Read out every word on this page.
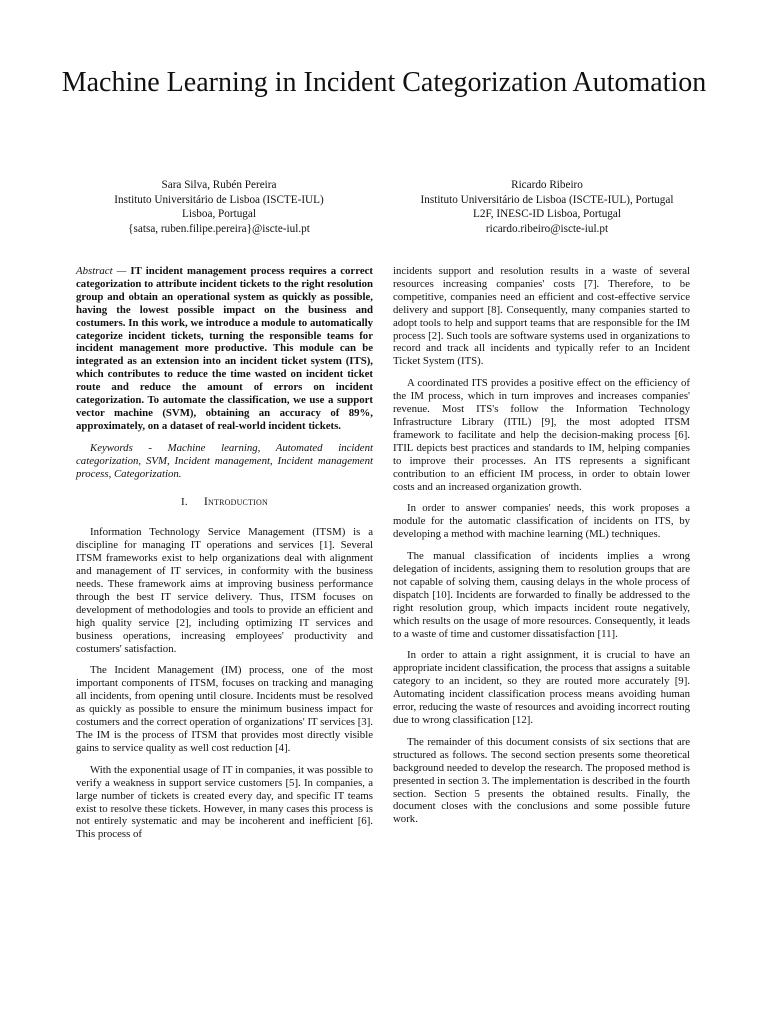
Machine Learning in Incident Categorization Automation
Sara Silva, Rubén Pereira
Instituto Universitário de Lisboa (ISCTE-IUL)
Lisboa, Portugal
{satsa, ruben.filipe.pereira}@iscte-iul.pt
Ricardo Ribeiro
Instituto Universitário de Lisboa (ISCTE-IUL), Portugal
L2F, INESC-ID Lisboa, Portugal
ricardo.ribeiro@iscte-iul.pt

Abstract — IT incident management process requires a correct categorization to attribute incident tickets to the right resolution group and obtain an operational system as quickly as possible, having the lowest possible impact on the business and costumers. In this work, we introduce a module to automatically categorize incident tickets, turning the responsible teams for incident management more productive. This module can be integrated as an extension into an incident ticket system (ITS), which contributes to reduce the time wasted on incident ticket route and reduce the amount of errors on incident categorization. To automate the classification, we use a support vector machine (SVM), obtaining an accuracy of 89%, approximately, on a dataset of real-world incident tickets.

Keywords - Machine learning, Automated incident categorization, SVM, Incident management, Incident management process, Categorization.

I. Introduction

Information Technology Service Management (ITSM) is a discipline for managing IT operations and services [1]. Several ITSM frameworks exist to help organizations deal with alignment and management of IT services, in conformity with the business needs. These framework aims at improving business performance through the best IT service delivery. Thus, ITSM focuses on development of methodologies and tools to provide an efficient and high quality service [2], including optimizing IT services and business operations, increasing employees' productivity and costumers' satisfaction.

The Incident Management (IM) process, one of the most important components of ITSM, focuses on tracking and managing all incidents, from opening until closure. Incidents must be resolved as quickly as possible to ensure the minimum business impact for costumers and the correct operation of organizations' IT services [3]. The IM is the process of ITSM that provides most directly visible gains to service quality as well cost reduction [4].

With the exponential usage of IT in companies, it was possible to verify a weakness in support service customers [5]. In companies, a large number of tickets is created every day, and specific IT teams exist to resolve these tickets. However, in many cases this process is not entirely systematic and may be incoherent and inefficient [6]. This process of

incidents support and resolution results in a waste of several resources increasing companies' costs [7]. Therefore, to be competitive, companies need an efficient and cost-effective service delivery and support [8]. Consequently, many companies started to adopt tools to help and support teams that are responsible for the IM process [2]. Such tools are software systems used in organizations to record and track all incidents and typically refer to an Incident Ticket System (ITS).

A coordinated ITS provides a positive effect on the efficiency of the IM process, which in turn improves and increases companies' revenue. Most ITS's follow the Information Technology Infrastructure Library (ITIL) [9], the most adopted ITSM framework to facilitate and help the decision-making process [6]. ITIL depicts best practices and standards to IM, helping companies to improve their processes. An ITS represents a significant contribution to an efficient IM process, in order to obtain lower costs and an increased organization growth.

In order to answer companies' needs, this work proposes a module for the automatic classification of incidents on ITS, by developing a method with machine learning (ML) techniques.

The manual classification of incidents implies a wrong delegation of incidents, assigning them to resolution groups that are not capable of solving them, causing delays in the whole process of dispatch [10]. Incidents are forwarded to finally be addressed to the right resolution group, which impacts incident route negatively, which results on the usage of more resources. Consequently, it leads to a waste of time and customer dissatisfaction [11].

In order to attain a right assignment, it is crucial to have an appropriate incident classification, the process that assigns a suitable category to an incident, so they are routed more accurately [9]. Automating incident classification process means avoiding human error, reducing the waste of resources and avoiding incorrect routing due to wrong classification [12].

The remainder of this document consists of six sections that are structured as follows. The second section presents some theoretical background needed to develop the research. The proposed method is presented in section 3. The implementation is described in the fourth section. Section 5 presents the obtained results. Finally, the document closes with the conclusions and some possible future work.
